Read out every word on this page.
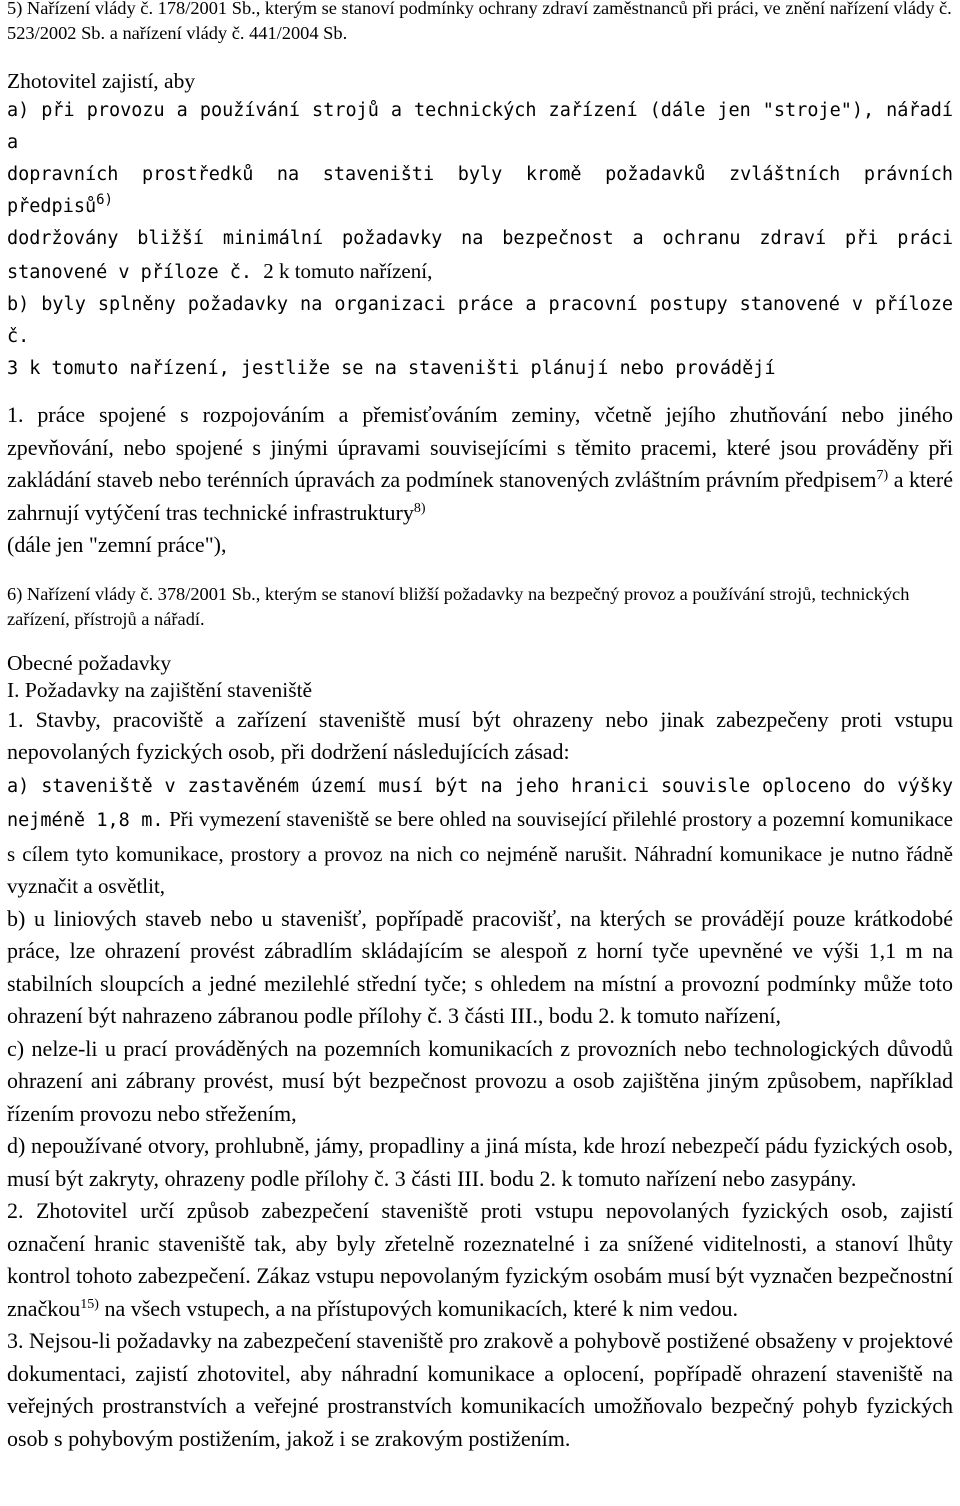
5) Nařízení vlády č. 178/2001 Sb., kterým se stanoví podmínky ochrany zdraví zaměstnanců při práci, ve znění nařízení vlády č. 523/2002 Sb. a nařízení vlády č. 441/2004 Sb.

Zhotovitel zajistí, aby

a) při provozu a používání strojů a technických zařízení (dále jen "stroje"), nářadí a
dopravních prostředků na staveništi byly kromě požadavků zvláštních právních předpisů$^{6)}$
dodržovány bližší minimální požadavky na bezpečnost a ochranu zdraví při práci stanovené v příloze č. 2 k tomuto nařízení,
b) byly splněny požadavky na organizaci práce a pracovní postupy stanovené v příloze č.
3 k tomuto nařízení, jestliže se na staveništi plánují nebo provádějí

1. práce spojené s rozpojováním a přemisťováním zeminy, včetně jejího zhutňování nebo jiného zpevňování, nebo spojené s jinými úpravami souvisejícími s těmito pracemi, které jsou prováděny při zakládání staveb nebo terénních úpravách za podmínek stanovených zvláštním právním předpisem$^{7)}$ a které zahrnují vytýčení tras technické infrastruktury$^{8)}$
(dále jen "zemní práce"),

6) Nařízení vlády č. 378/2001 Sb., kterým se stanoví bližší požadavky na bezpečný provoz a používání strojů, technických zařízení, přístrojů a nářadí.

Obecné požadavky

I. Požadavky na zajištění staveniště

1. Stavby, pracoviště a zařízení staveniště musí být ohrazeny nebo jinak zabezpečeny proti vstupu nepovolaných fyzických osob, při dodržení následujících zásad:

a) staveniště v zastavěném území musí být na jeho hranici souvisle oploceno do výšky nejméně 1,8 m. Při vymezení staveniště se bere ohled na související přilehlé prostory a pozemní komunikace s cílem tyto komunikace, prostory a provoz na nich co nejméně narušit. Náhradní komunikace je nutno řádně vyznačit a osvětlit,

b) u liniových staveb nebo u stavenišť, popřípadě pracovišť, na kterých se provádějí pouze krátkodobé práce, lze ohrazení provést zábradlím skládajícím se alespoň z horní tyče upevněné ve výši 1,1 m na stabilních sloupcích a jedné mezilehlé střední tyče; s ohledem na místní a provozní podmínky může toto ohrazení být nahrazeno zábranou podle přílohy č. 3 části III., bodu 2. k tomuto nařízení,

c) nelze-li u prací prováděných na pozemních komunikacích z provozních nebo technologických důvodů ohrazení ani zábrany provést, musí být bezpečnost provozu a osob zajištěna jiným způsobem, například řízením provozu nebo střežením,

d) nepoužívané otvory, prohlubně, jámy, propadliny a jiná místa, kde hrozí nebezpečí pádu fyzických osob, musí být zakryty, ohrazeny podle přílohy č. 3 části III. bodu 2. k tomuto nařízení nebo zasypány.

2. Zhotovitel určí způsob zabezpečení staveniště proti vstupu nepovolaných fyzických osob, zajistí označení hranic staveniště tak, aby byly zřetelně rozeznatelné i za snížené viditelnosti, a stanoví lhůty kontrol tohoto zabezpečení. Zákaz vstupu nepovolaným fyzickým osobám musí být vyznačen bezpečnostní značkou$^{15)}$ na všech vstupech, a na přístupových komunikacích, které k nim vedou.

3. Nejsou-li požadavky na zabezpečení staveniště pro zrakově a pohybově postižené obsaženy v projektové dokumentaci, zajistí zhotovitel, aby náhradní komunikace a oplocení, popřípadě ohrazení staveniště na veřejných prostranstvích a veřejné prostranstvích komunikacích umožňovalo bezpečný pohyb fyzických osob s pohybovým postižením, jakož i se zrakovým postižením.
